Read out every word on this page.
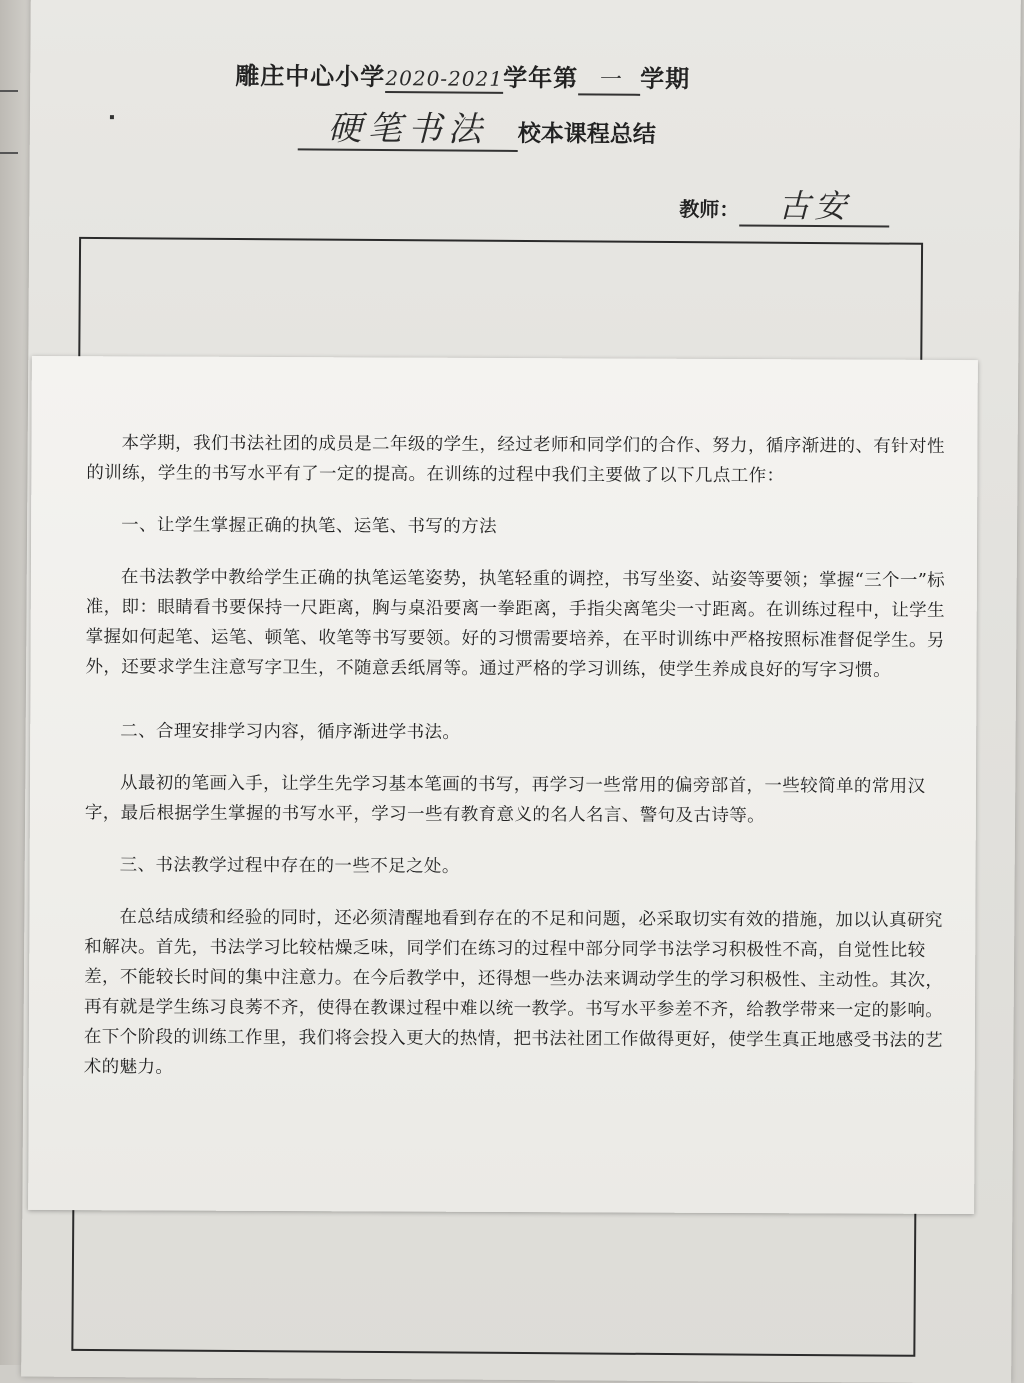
雕庄中心小学2020-2021学年第 一 学期
硬笔书法 校本课程总结
教师： 古安

本学期，我们书法社团的成员是二年级的学生，经过老师和同学们的合作、努力，循序渐进的、有针对性的训练，学生的书写水平有了一定的提高。在训练的过程中我们主要做了以下几点工作：

一、让学生掌握正确的执笔、运笔、书写的方法

在书法教学中教给学生正确的执笔运笔姿势，执笔轻重的调控，书写坐姿、站姿等要领；掌握“三个一”标准，即：眼睛看书要保持一尺距离，胸与桌沿要离一拳距离，手指尖离笔尖一寸距离。在训练过程中，让学生掌握如何起笔、运笔、顿笔、收笔等书写要领。好的习惯需要培养，在平时训练中严格按照标准督促学生。另外，还要求学生注意写字卫生，不随意丢纸屑等。通过严格的学习训练，使学生养成良好的写字习惯。

二、合理安排学习内容，循序渐进学书法。

从最初的笔画入手，让学生先学习基本笔画的书写，再学习一些常用的偏旁部首，一些较简单的常用汉字，最后根据学生掌握的书写水平，学习一些有教育意义的名人名言、警句及古诗等。

三、书法教学过程中存在的一些不足之处。

在总结成绩和经验的同时，还必须清醒地看到存在的不足和问题，必采取切实有效的措施，加以认真研究和解决。首先，书法学习比较枯燥乏味，同学们在练习的过程中部分同学书法学习积极性不高，自觉性比较差，不能较长时间的集中注意力。在今后教学中，还得想一些办法来调动学生的学习积极性、主动性。其次，再有就是学生练习良莠不齐，使得在教课过程中难以统一教学。书写水平参差不齐，给教学带来一定的影响。在下个阶段的训练工作里，我们将会投入更大的热情，把书法社团工作做得更好，使学生真正地感受书法的艺术的魅力。
